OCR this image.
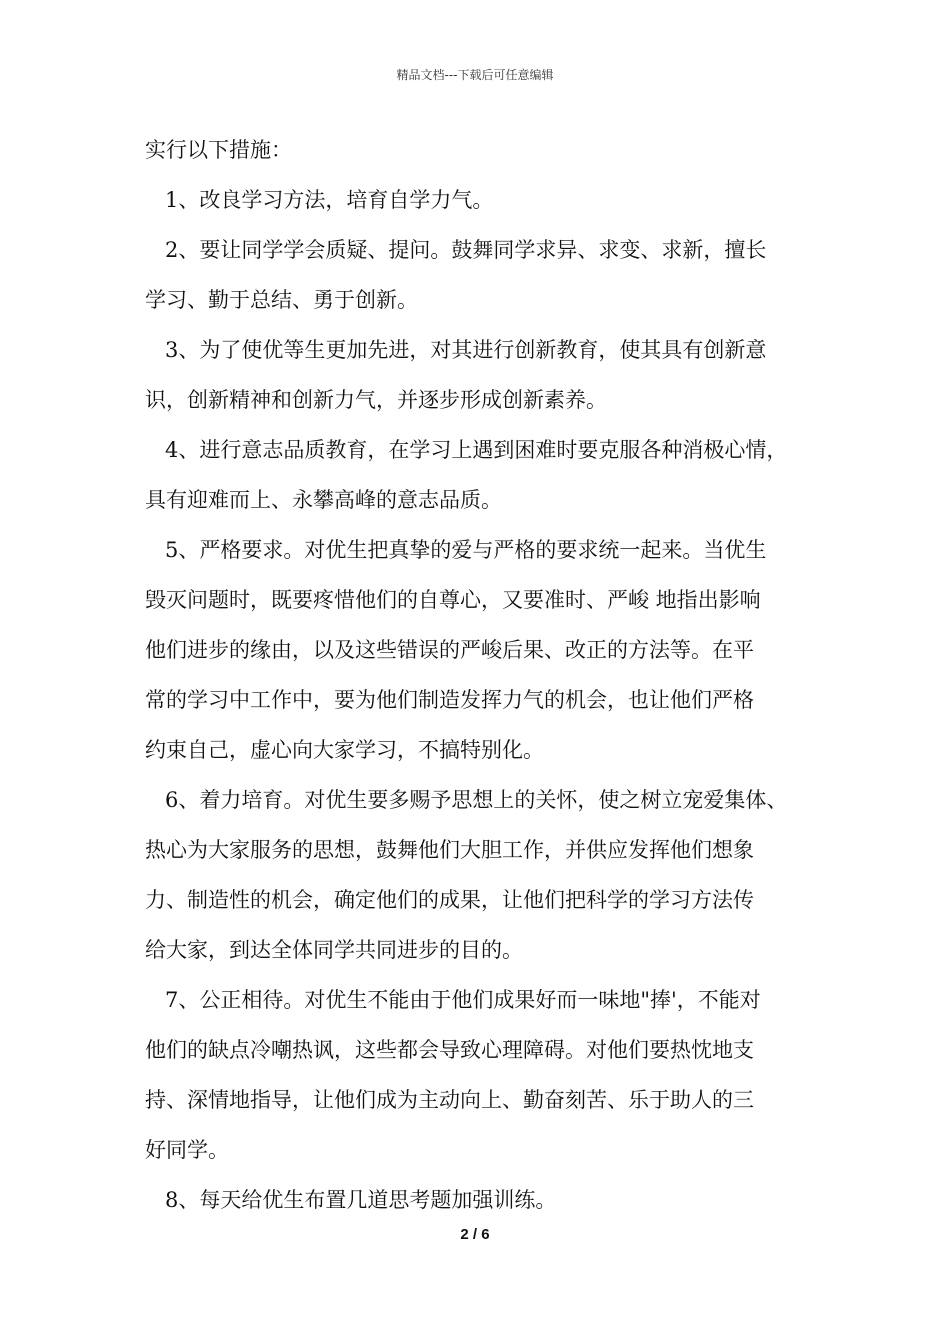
精品文档---下载后可任意编辑
实行以下措施：
1、改良学习方法，培育自学力气。
2、要让同学学会质疑、提问。鼓舞同学求异、求变、求新，擅长
学习、勤于总结、勇于创新。
3、为了使优等生更加先进，对其进行创新教育，使其具有创新意
识，创新精神和创新力气，并逐步形成创新素养。
4、进行意志品质教育，在学习上遇到困难时要克服各种消极心情，
具有迎难而上、永攀高峰的意志品质。
5、严格要求。对优生把真挚的爱与严格的要求统一起来。当优生
毁灭问题时，既要疼惜他们的自尊心，又要准时、严峻 地指出影响
他们进步的缘由，以及这些错误的严峻后果、改正的方法等。在平
常的学习中工作中，要为他们制造发挥力气的机会，也让他们严格
约束自己，虚心向大家学习，不搞特别化。
6、着力培育。对优生要多赐予思想上的关怀，使之树立宠爱集体、
热心为大家服务的思想，鼓舞他们大胆工作，并供应发挥他们想象
力、制造性的机会，确定他们的成果，让他们把科学的学习方法传
给大家，到达全体同学共同进步的目的。
7、公正相待。对优生不能由于他们成果好而一味地"捧'，不能对
他们的缺点冷嘲热讽，这些都会导致心理障碍。对他们要热忱地支
持、深情地指导，让他们成为主动向上、勤奋刻苦、乐于助人的三
好同学。
8、每天给优生布置几道思考题加强训练。
2 / 6
